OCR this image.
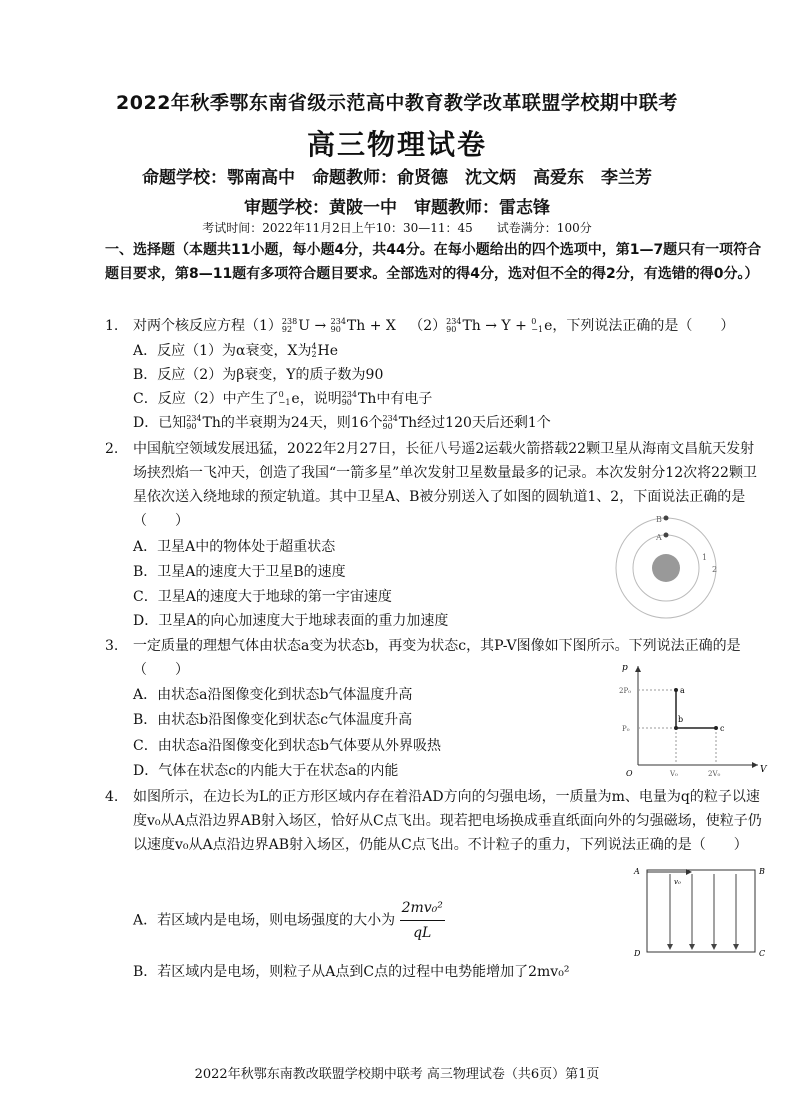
2022年秋季鄂东南省级示范高中教育教学改革联盟学校期中联考
高三物理试卷
命题学校：鄂南高中　命题教师：俞贤德　沈文炳　高爱东　李兰芳
审题学校：黄陂一中　审题教师：雷志锋
考试时间：2022年11月2日上午10：30—11：45　　试卷满分：100分
一、选择题（本题共11小题，每小题4分，共44分。在每小题给出的四个选项中，第1—7题只有一项符合题目要求，第8—11题有多项符合题目要求。全部选对的得4分，选对但不全的得2分，有选错的得0分。）
1. 对两个核反应方程（1） 238
92 U → 234
90 Th + X （2） 234
90 Th → Y + 0
−1 e，下列说法正确的是（　　）
A．反应（1）为α衰变，X为 4
2 He
B．反应（2）为β衰变，Y的质子数为90
C．反应（2）中产生了 0
−1 e，说明 234
90 Th中有电子
D．已知 234
90 Th的半衰期为24天，则16个 234
90 Th经过120天后还剩1个
2. 中国航空领域发展迅猛，2022年2月27日，长征八号遥2运载火箭搭载22颗卫星从海南文昌航天发射场挟烈焰一飞冲天，创造了我国“一箭多星”单次发射卫星数量最多的记录。本次发射分12次将22颗卫星依次送入绕地球的预定轨道。其中卫星A、B被分别送入了如图的圆轨道1、2，下面说法正确的是（　　）
A．卫星A中的物体处于超重状态
B．卫星A的速度大于卫星B的速度
C．卫星A的速度大于地球的第一宇宙速度
D．卫星A的向心加速度大于地球表面的重力加速度
B
A
1
2
3. 一定质量的理想气体由状态a变为状态b，再变为状态c，其P-V图像如下图所示。下列说法正确的是（　　）
A．由状态a沿图像变化到状态b气体温度升高
B．由状态b沿图像变化到状态c气体温度升高
C．由状态a沿图像变化到状态b气体要从外界吸热
D．气体在状态c的内能大于在状态a的内能
p
V
O
2P₀
P₀
V₀	2V₀
a
b
c
4. 如图所示，在边长为L的正方形区域内存在着沿AD方向的匀强电场，一质量为m、电量为q的粒子以速度v₀从A点沿边界AB射入场区，恰好从C点飞出。现若把电场换成垂直纸面向外的匀强磁场，使粒子仍以速度v₀从A点沿边界AB射入场区，仍能从C点飞出。不计粒子的重力，下列说法正确的是（　　）
A．若区域内是电场，则电场强度的大小为 $\frac{\text{2mv₀²}}{qL}$
B．若区域内是电场，则粒子从A点到C点的过程中电势能增加了2mv₀²
A	B
C
D
v₀
2022年秋鄂东南教改联盟学校期中联考 高三物理试卷（共6页）第1页
